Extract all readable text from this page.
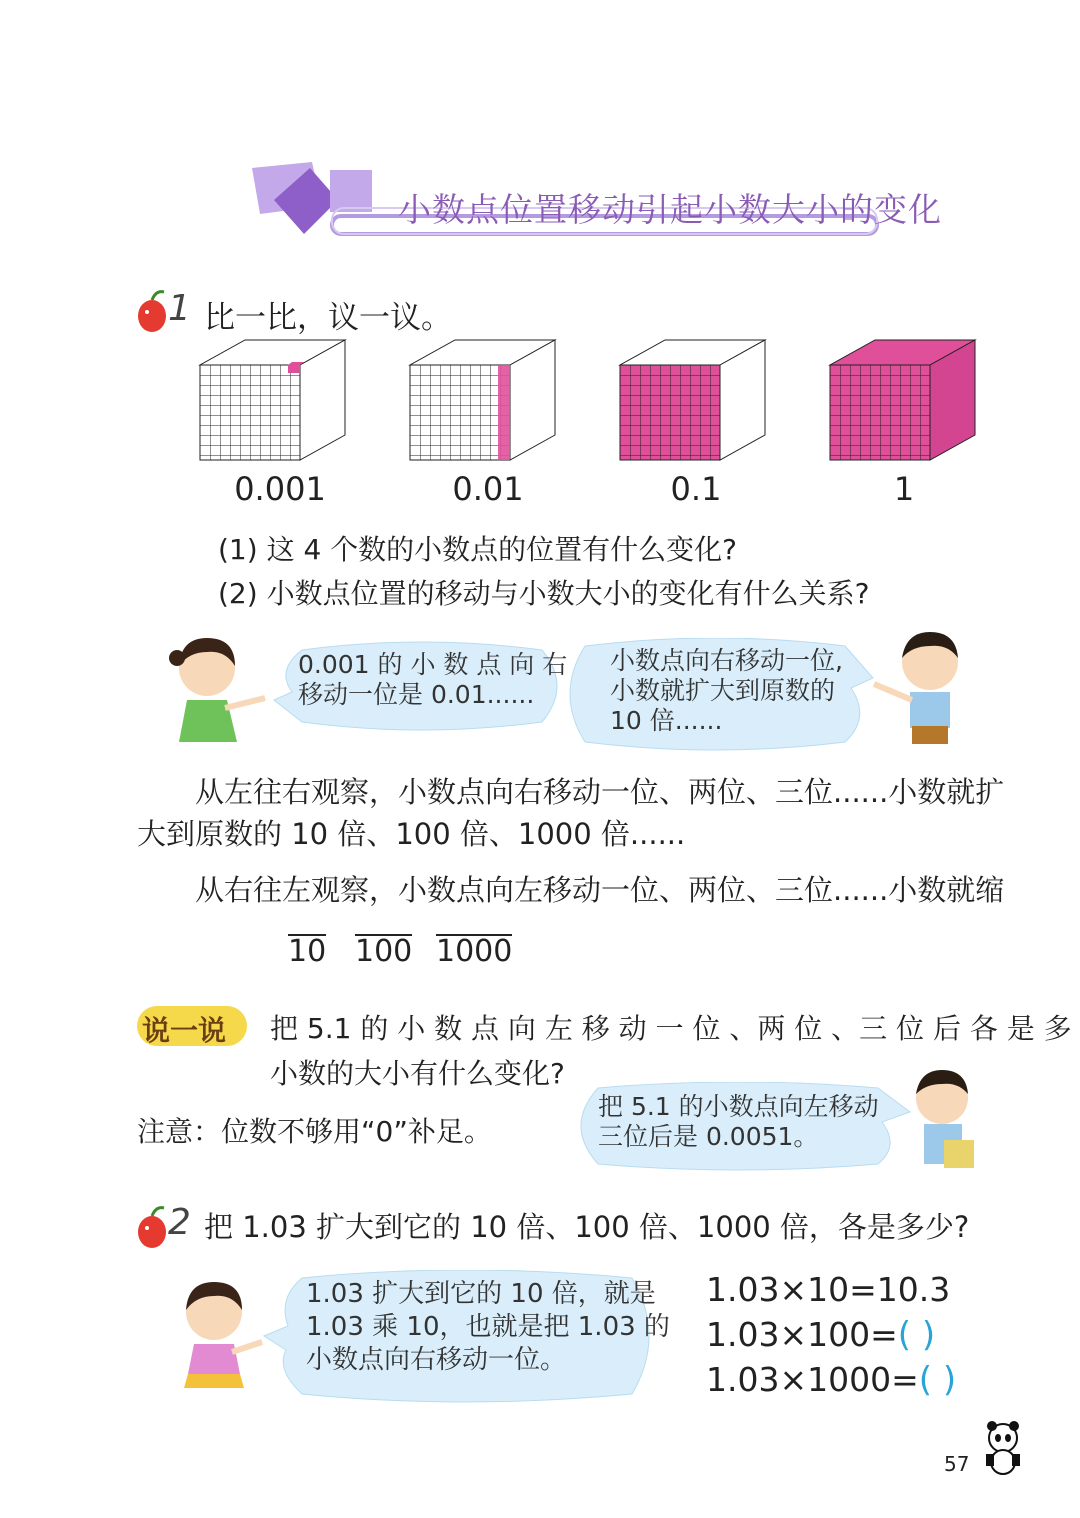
小数点位置移动引起小数大小的变化
1 比一比，议一议。
0.001	0.01	0.1	1
(1) 这 4 个数的小数点的位置有什么变化?
(2) 小数点位置的移动与小数大小的变化有什么关系?
0.001 的 小 数 点 向 右
移动一位是 0.01......
小数点向右移动一位,
小数就扩大到原数的
10 倍......
从左往右观察，小数点向右移动一位、两位、三位......小数就扩
大到原数的 10 倍、100 倍、1000 倍......
从右往左观察，小数点向左移动一位、两位、三位......小数就缩
10 100 1000
说一说 把 5.1 的 小 数 点 向 左 移 动 一 位 、两 位 、三 位 后 各 是 多
小数的大小有什么变化?
注意：位数不够用“0”补足。
把 5.1 的小数点向左移动
三位后是 0.0051。
2 把 1.03 扩大到它的 10 倍、100 倍、1000 倍，各是多少?
1.03 扩大到它的 10 倍，就是
1.03 乘 10，也就是把 1.03 的
小数点向右移动一位。
1.03×10=10.3
1.03×100=( )
1.03×1000=( )
57
